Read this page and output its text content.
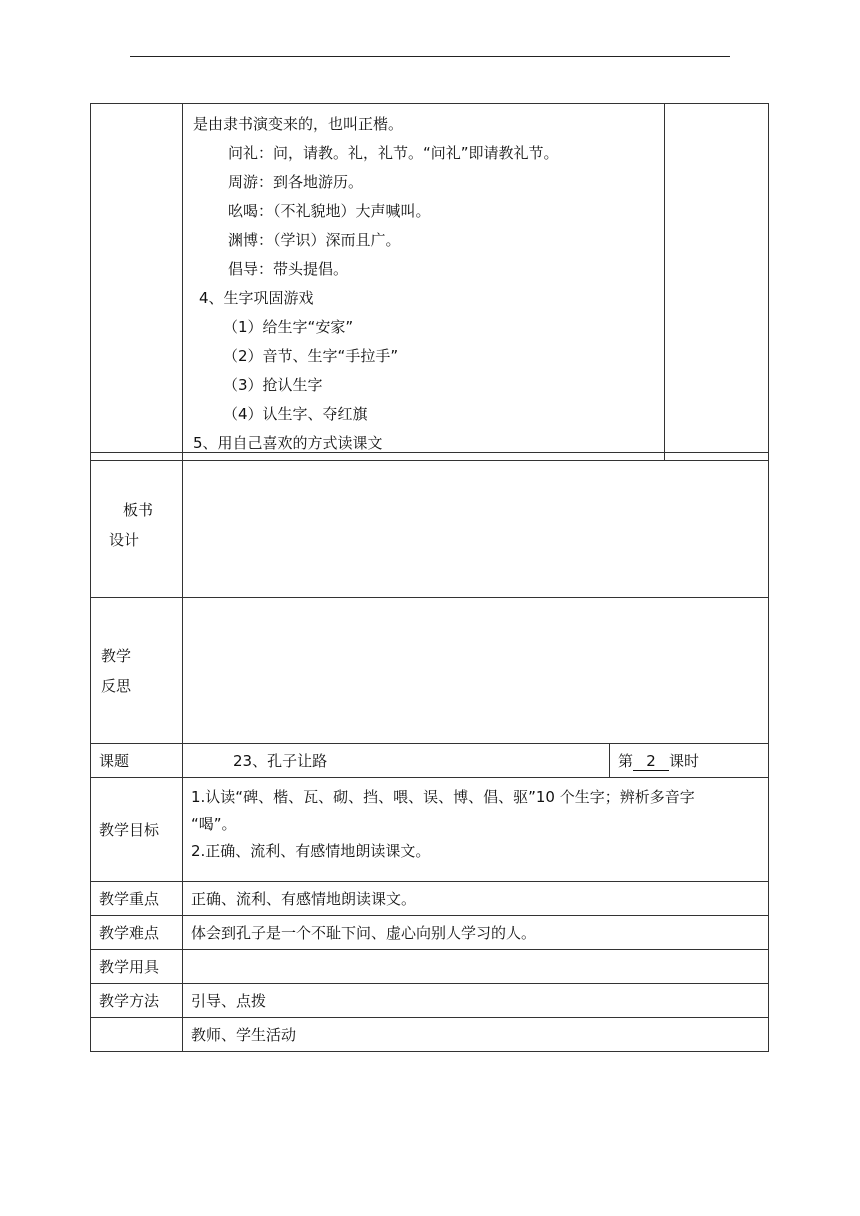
是由隶书演变来的，也叫正楷。
问礼：问，请教。礼，礼节。“问礼”即请教礼节。
周游：到各地游历。
吆喝：（不礼貌地）大声喊叫。
渊博：（学识）深而且广。
倡导：带头提倡。
4、生字巩固游戏
（1）给生字“安家”
（2）音节、生字“手拉手”
（3）抢认生字
（4）认生字、夺红旗
5、用自己喜欢的方式读课文

板书
设计	

教学
反思	

课题	23、孔子让路	第 2 课时
教学目标	1.认读“碑、楷、瓦、砌、挡、喂、误、博、倡、驱”10 个生字；辨析多音字
“喝”。
2.正确、流利、有感情地朗读课文。	

教学重点	正确、流利、有感情地朗读课文。	
教学难点	体会到孔子是一个不耻下问、虚心向别人学习的人。	
教学用具		
教学方法	引导、点拨	
	教师、学生活动	
